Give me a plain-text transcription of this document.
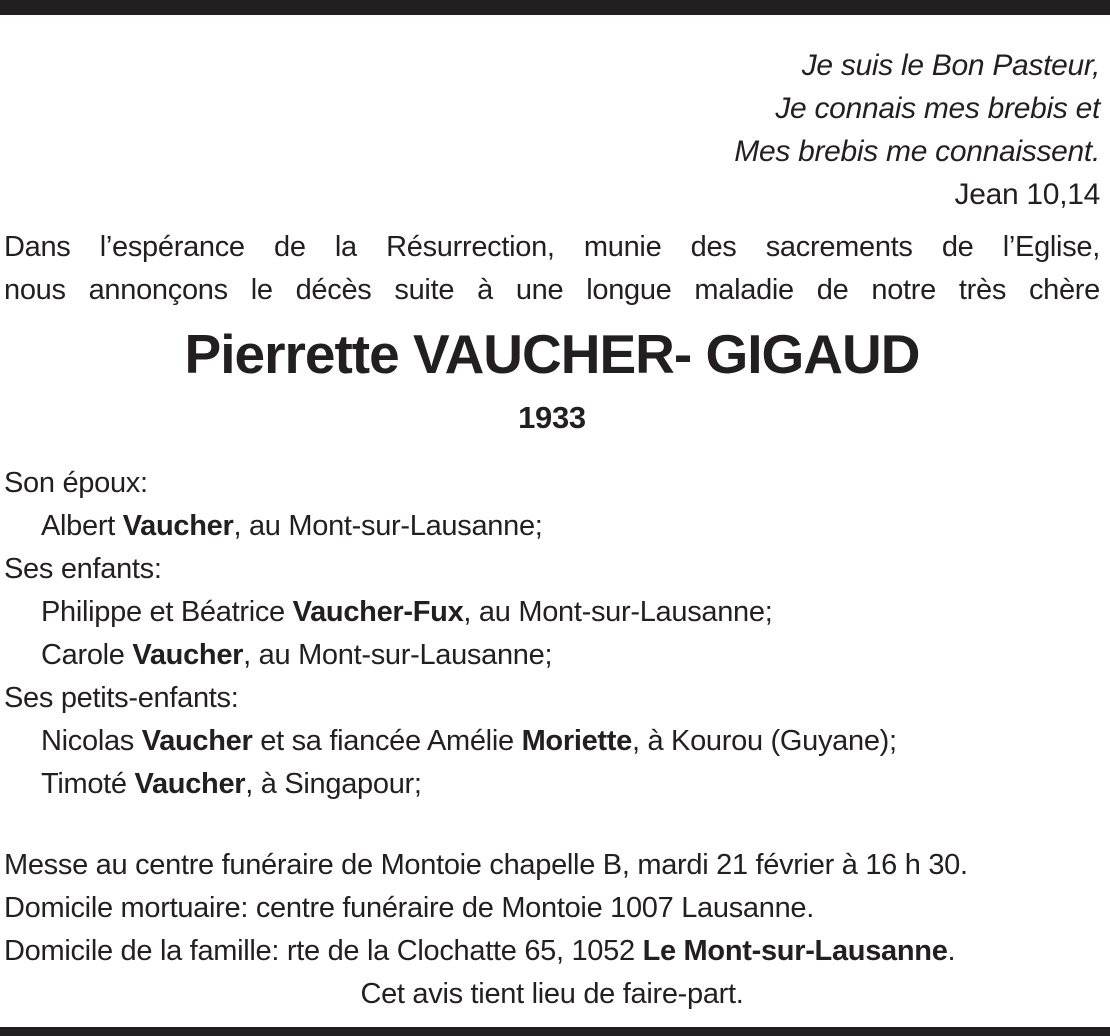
Je suis le Bon Pasteur,
Je connais mes brebis et
Mes brebis me connaissent.
Jean 10,14
Dans l’espérance de la Résurrection, munie des sacrements de l’Eglise,
nous annonçons le décès suite à une longue maladie de notre très chère
Pierrette VAUCHER- GIGAUD
1933
Son époux:
Albert Vaucher, au Mont-sur-Lausanne;
Ses enfants:
Philippe et Béatrice Vaucher-Fux, au Mont-sur-Lausanne;
Carole Vaucher, au Mont-sur-Lausanne;
Ses petits-enfants:
Nicolas Vaucher et sa fiancée Amélie Moriette, à Kourou (Guyane);
Timoté Vaucher, à Singapour;
Messe au centre funéraire de Montoie chapelle B, mardi 21 février à 16 h 30.
Domicile mortuaire: centre funéraire de Montoie 1007 Lausanne.
Domicile de la famille: rte de la Clochatte 65, 1052 Le Mont-sur-Lausanne.
Cet avis tient lieu de faire-part.
